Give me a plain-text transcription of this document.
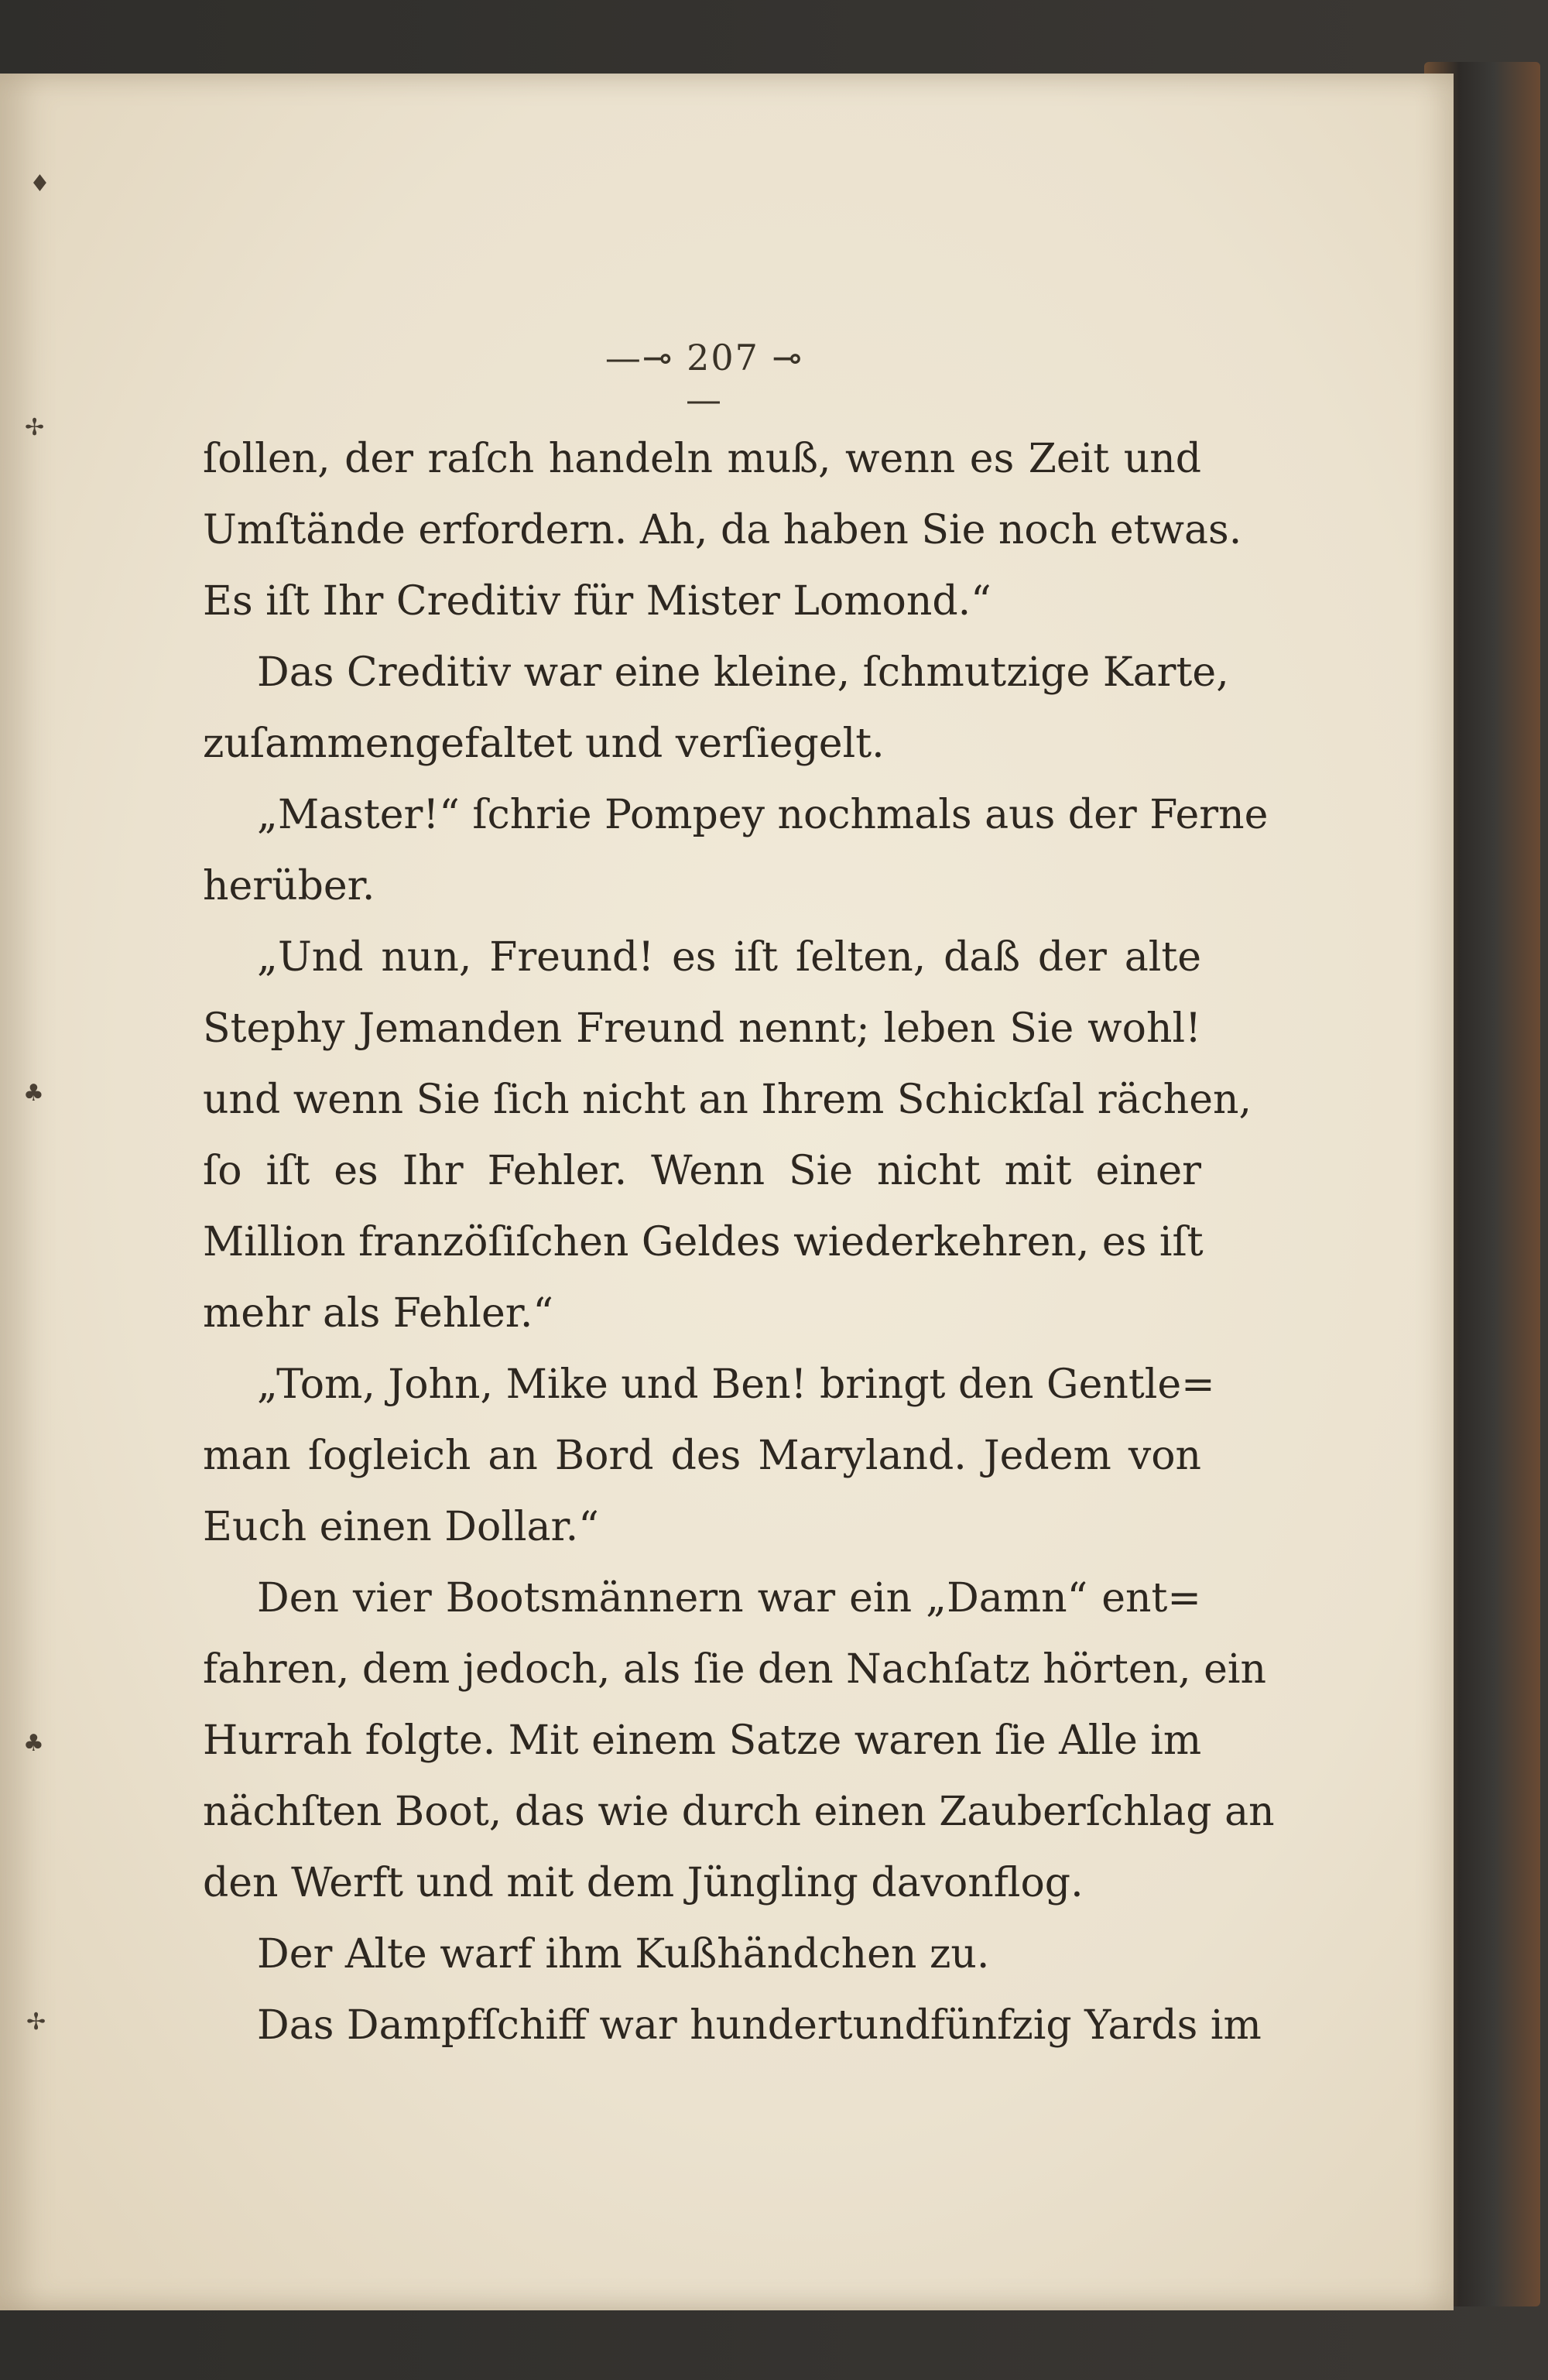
♦
✢
♣
♣
✢
—⊸ 207 ⊸—
ſollen, der raſch handeln muß, wenn es Zeit und
Umſtände erfordern. Ah, da haben Sie noch etwas.
Es iſt Ihr Creditiv für Mister Lomond.“
Das Creditiv war eine kleine, ſchmutzige Karte,
zuſammengefaltet und verſiegelt.
„Master!“ ſchrie Pompey nochmals aus der Ferne
herüber.
„Und nun, Freund! es iſt ſelten, daß der alte
Stephy Jemanden Freund nennt; leben Sie wohl!
und wenn Sie ſich nicht an Ihrem Schickſal rächen,
ſo iſt es Ihr Fehler. Wenn Sie nicht mit einer
Million franzöſiſchen Geldes wiederkehren, es iſt
mehr als Fehler.“
„Tom, John, Mike und Ben! bringt den Gentle=
man ſogleich an Bord des Maryland. Jedem von
Euch einen Dollar.“
Den vier Bootsmännern war ein „Damn“ ent=
fahren, dem jedoch, als ſie den Nachſatz hörten, ein
Hurrah folgte. Mit einem Satze waren ſie Alle im
nächſten Boot, das wie durch einen Zauberſchlag an
den Werft und mit dem Jüngling davonflog.
Der Alte warf ihm Kußhändchen zu.
Das Dampfſchiff war hundertundfünfzig Yards im
